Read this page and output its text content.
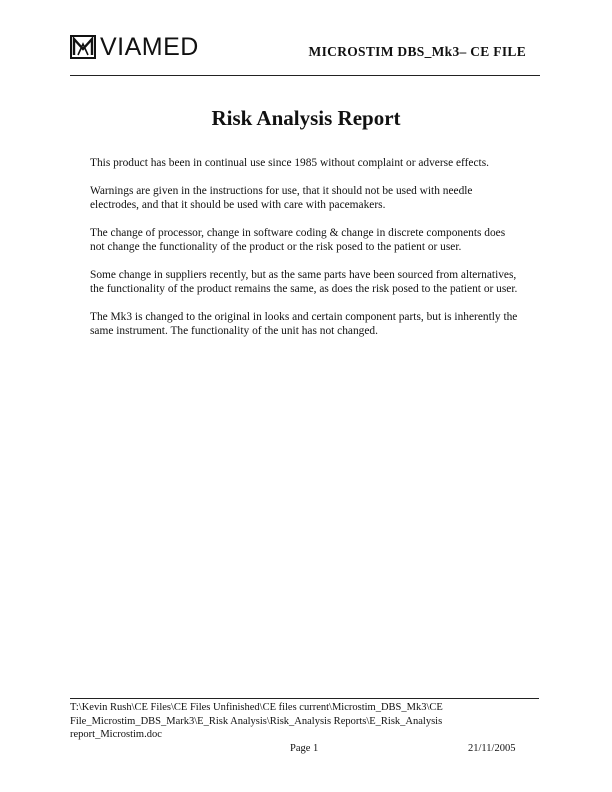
VIAMED	MICROSTIM DBS_Mk3– CE FILE
Risk Analysis Report

This product has been in continual use since 1985 without complaint or adverse effects.

Warnings are given in the instructions for use, that it should not be used with needle electrodes, and that it should be used with care with pacemakers.

The change of processor, change in software coding & change in discrete components does not change the functionality of the product or the risk posed to the patient or user.

Some change in suppliers recently, but as the same parts have been sourced from alternatives, the functionality of the product remains the same, as does the risk posed to the patient or user.

The Mk3 is changed to the original in looks and certain component parts, but is inherently the same instrument. The functionality of the unit has not changed.

T:\Kevin Rush\CE Files\CE Files Unfinished\CE files current\Microstim_DBS_Mk3\CE File_Microstim_DBS_Mark3\E_Risk Analysis\Risk_Analysis Reports\E_Risk_Analysis report_Microstim.doc
Page 1	21/11/2005
